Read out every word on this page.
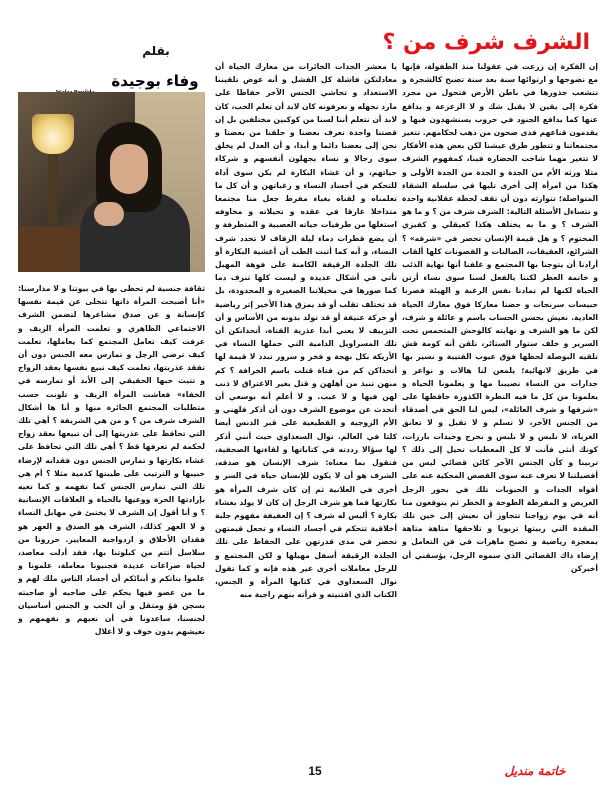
الشرف شرف من ؟
بقلم
وفاء بوجيدة
إن الفكرة إن زرعت في عقولنا منذ الطفولة، فإنها مع نضوجها و ارتوائها سنة بعد سنة تصبح كالشجرة و تتشعب جذورها في باطن الأرض فتحول من مجرد فكرة إلى يقين لا يقبل شك و لا الزعزعة و يدافع عنها كما يدافع الجنود في حروب يستشهدون فيها و يقدمون قناعهم فدى صحون من ذهب لحكامهم. تتغير مجتمعاتنا و تتطور طرق عيشنا لكن بعض هذه الأفكار لا تتغير مهما شاخت الحضارة فينا، كمفهوم الشرف مثلا ورثه الأم من الجدة و الجدة من الجدة الأولى و هكذا من امرأة إلى أخرى تليها في سلسلة الشقاء المتواصلة؛ تتوارثه دون أن تقف لحظة عقلانية واحدة و تتساءل الأسئلة التالية: الشرف شرف من ؟ و ما هو الشرف ؟ و ما به يختلف هكذا كعيقلي و كفيزي المحتوم ؟ و هل قيمة الإنسان تحصر في «شرفه» ؟ الشرائع، العقيقات، الصالنات و القصونات كلها ألقاب أرادنا أن يتوجنا بها المجتمع و غلفنا أنها نهاية الذئب و خاتمة العطر لكننا بالفعل لسنا سوى نساء أرتن الحياة لكنها لم تمادنا نفس الرغبة و الهيئة فصرنا حبيسات سرنجات و حضنا معاركا فوق معارك الحياة العادية. نعيش بحسن الحساب باسم و عائلة و شرف، لكن ما هو الشرف و نهايته كالوحش المتحمس تحت السرير و خلف ستوار الستائر، تلقن أنه كومة قش تلقيه البوصلة لحظها فوق عيوب الفتيية و نسير بها في طريق لانهائية؛ يلمعن لنا هالات و نواعر و جدارات من النساء تصيبنا مها و يعلمونا الحياة و يعلمونا من كل ما فيه النطرة الكذورة حافظها على «شرفها و شرف العائلة»، ليس لنا الحق في أصدقاء من الجنس الآخر، لا تسلم و لا تقبل و لا تعانق الغرباء، لا نلبس و لا نلبس و نخرج وحيدات بارزات، كونك أنثى فأنت لا كل المعطيات تحيل إلى ذلك ؟ تربينا و كأن الجنس الآخر كائن قضائي ليس من أفصيلتنا لا تعرف عنه سوى القصص المحكية عنه على أفواه الجدات و الحبوبات تلك في بحور الرجل الغريص و المفرطة الطوحة و الخطر ثم يتوقعون منا أنه في يوم زواجنا تتجاوز أن نعيش إلى حين تلك المقدة التي ربيتها تربويا و تلاحقها متاهة متاهة بمعجزة رياضية و نصبح ماهرات في فن التعامل و إرضاء ذاك القضائي الذي سموه الرجل، يؤسفني أن أخبركن
يا معشر الجدات الخائرات من معارك الحياة أن معادلتكن فاشلة كل الفشل و أنه عوض تلقيننا الاستعداد و تحاشي الجنس الآخر حفاظا على مارد نجهله و نعرفونه كان لابد أن تعلم الحب، كان لابد أن نتعلم أننا لسنا من كوكبين مختلفين بل إن قصتنا واحدة نعرف بعضنا و حلقنا من بعضنا و نحن إلى بعضنا دائما و أبدا، و أن العدل لم يخلق سوى رجالا و نساء يجهلون أنفسهم و شركاء حياتهم، و أن غشاء البكارة لم يكن سوى أداة للتحكم في أجساد النساء و رغباتهن و أن كل ما تعلمناه و لقناه بغباء مفرط جعل منا مجتمعا متداخلا غارقا في عقده و تخيلاته و مخاوفه استغلها من طرفيات حياته العصبية و المتطرفة و أن يضع قطرات دماء ليلة الزفاف لا تحدد شرف النساء، و أنه كما أثبت الطب أن أغشية البكارة أو تلك الجلدة الرقيقة الكامنة على فوهة المهبل تأتي في أشكال عديدة و ليست كلها تنزف دما كما صورها في مخيلاتنا الصغيرة و المحدودة، بل قد تختلف تقلب أو قد يمزق هذا الأخير إثر رياضية أو حركة عنيفة أو قد تولد بدونه من الأساس و أن التزييف لا يعني أبدا عذرية الفتاة، أتحدانكن أن تلك المسراويل الدامية التي حملها النساء في الأريكة بكل بهجة و فخر و سرور تبدد لا قيمة لها أتحداكن كم من فتاة قتلت باسم الخرافة ؟ كم منهن تنبذ من أهلهن و قتل بغير الاغتراق لا ذنب لهن فيها و لا عيب. و لا أعلم أنه بوسعي أن أتحدث عن موضوع الشرف دون أن أذكر فلهني و الأم الزوجية و القطيعية على قبر الدنس أيضا كلتا في العالم. نوال السعداوي حيث أنني أذكر لها سؤالا رددته في كتاباتها و لقاءتها الصحفية، فتقول بما معناه: شرف الإنسان هو صدقه، الشرف هو أن لا يكون للإنسان حياة في السر و أخرى في العلانية ثم إن كان شرف المرأة هو بكارتها فما هو شرف الرجل إن كان لا يولد بغشاء بكارة ؟ أليس له شرف ؟ إن العفيفة مفهوم جلبة أخلاقية تتحكم في أجساد النساء و تجعل قيمتهن تحصر في مدى قدرتهن على الحفاظ على تلك الجلدة الرقيقة أسفل مهبلها و لكن المجتمع و للرجل معاملات أخرى غير هذه فإنه و كما تقول نوال السعداوي في كتابها المرأة و الجنس، الكتاب الذي اقتنيته و قرأته بنهم راجية منه
ثقافة جنسية لم تحظى بها في بيوتنا و لا مدارسنا: «أنا أصبحت المرأة ذاتها تتخلى عن قيمة نفسها كإنسانة و عن صدق مشاعرها لتضمن الشرف الاجتماعي الظاهري و تعلمت المرأة الزيف و عرفت كيف تعامل المجتمع كما يعاملها، تعلمت كيف ترضي الرجل و تمارس معه الجنس دون أن تفقد عذريتها، تعلمت كيف تبيع نفسها بعقد الزواج و تتبث حبها الحقيقي إلى الأبد أو تمارسه في الخفاء» فعاشت المرأة الزيف و تلونت حسب متطلبات المجتمع الجائرة منها و أنا ها أشكال الشرف شرف من ؟ و من هي الشريفة ؟ أهي تلك التي تحافظ على عذريتها إلى أن تبيعها بعقد زواج لحكمة لم تعرفها قط ؟ أهي تلك التي تحافظ على غشاء بكارتها و تمارس الجنس دون فقدانه لإرضاء حبيبها و الترتيب على طيبتها كدمية مثلا ؟ أم هي تلك التي تمارس الجنس كما تفهمه و كما تعيه بإرادتها الحرة ووعيها بالحياة و العلاقات الإنسانية ؟ و أنا أقول إن الشرف لا يختبئ في مهابل النساء و لا العهر كذلك، الشرف هو الصدق و العهر هو فقدان الأخلاق و ازدواجية المعايير. حررونا من سلاسل أتتم من كبلوتنا بها، فقد أدلت معاصد، لحياة صراعات عديدة فجنبونا معاملة، علمونا و علموا بناتكم و أبنائكم أن أجساد الناس ملك لهم و ما من عضو فيها يحكم على صاحبه أو صاحبته بسجن فؤ ومتقل و أن الحب و الجنس أساسيان لجنسنا، ساعدونا في أن نعيهم و نفهمهم و نعيشهم بدون خوف و لا أغلال
15	خاتمة منديل
